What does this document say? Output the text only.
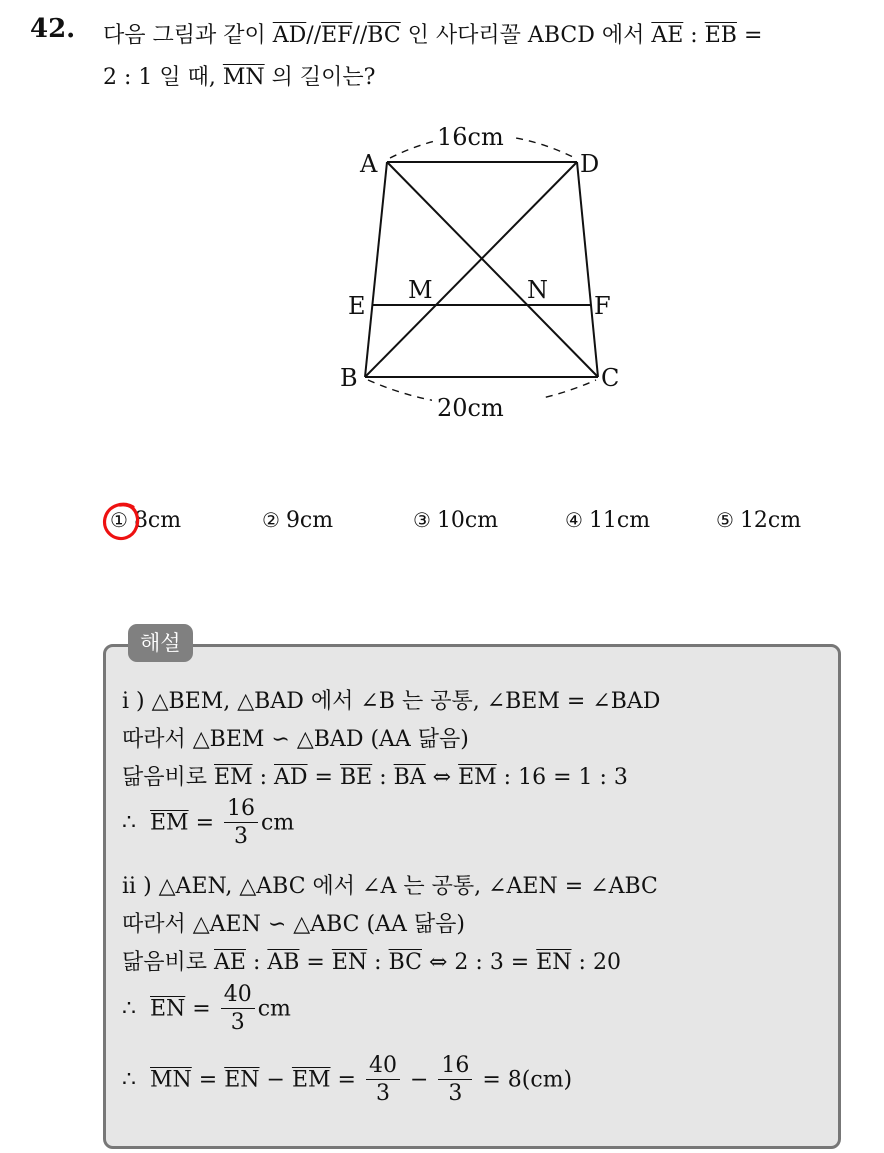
42. 다음 그림과 같이 $\overline{AD}//\overline{EF}//\overline{BC}$ 인 사다리꼴 ABCD 에서 $\overline{AE}$ : $\overline{EB}$ =
2 : 1 일 때, $\overline{MN}$ 의 길이는?
A	D
E
M	N
F
B	C
16cm
20cm
① 8cm	② 9cm	③ 10cm	④ 11cm	⑤ 12cm
해설
i ) △BEM, △BAD 에서 ∠B 는 공통, ∠BEM = ∠BAD
따라서 △BEM ∽ △BAD (AA 닮음)
닮음비로 $\overline{EM}$ : $\overline{AD} = \overline{BE}$ : $\overline{BA}$ ⇔ $\overline{EM}$ : 16 = 1 : 3
∴ $\overline{EM} = \frac{16}{3}$ cm
ii ) △AEN, △ABC 에서 ∠A 는 공통, ∠AEN = ∠ABC
따라서 △AEN ∽ △ABC (AA 닮음)
닮음비로 $\overline{AE}$ : $\overline{AB} = \overline{EN}$ : $\overline{BC}$ ⇔ 2 : $3 = \overline{EN}$ : 20
∴ $\overline{EN} = \frac{40}{3}$ cm
∴ $\overline{MN} = \overline{EN} - \overline{EM} = \frac{40}{3} - \frac{16}{3} = 8(cm)$
